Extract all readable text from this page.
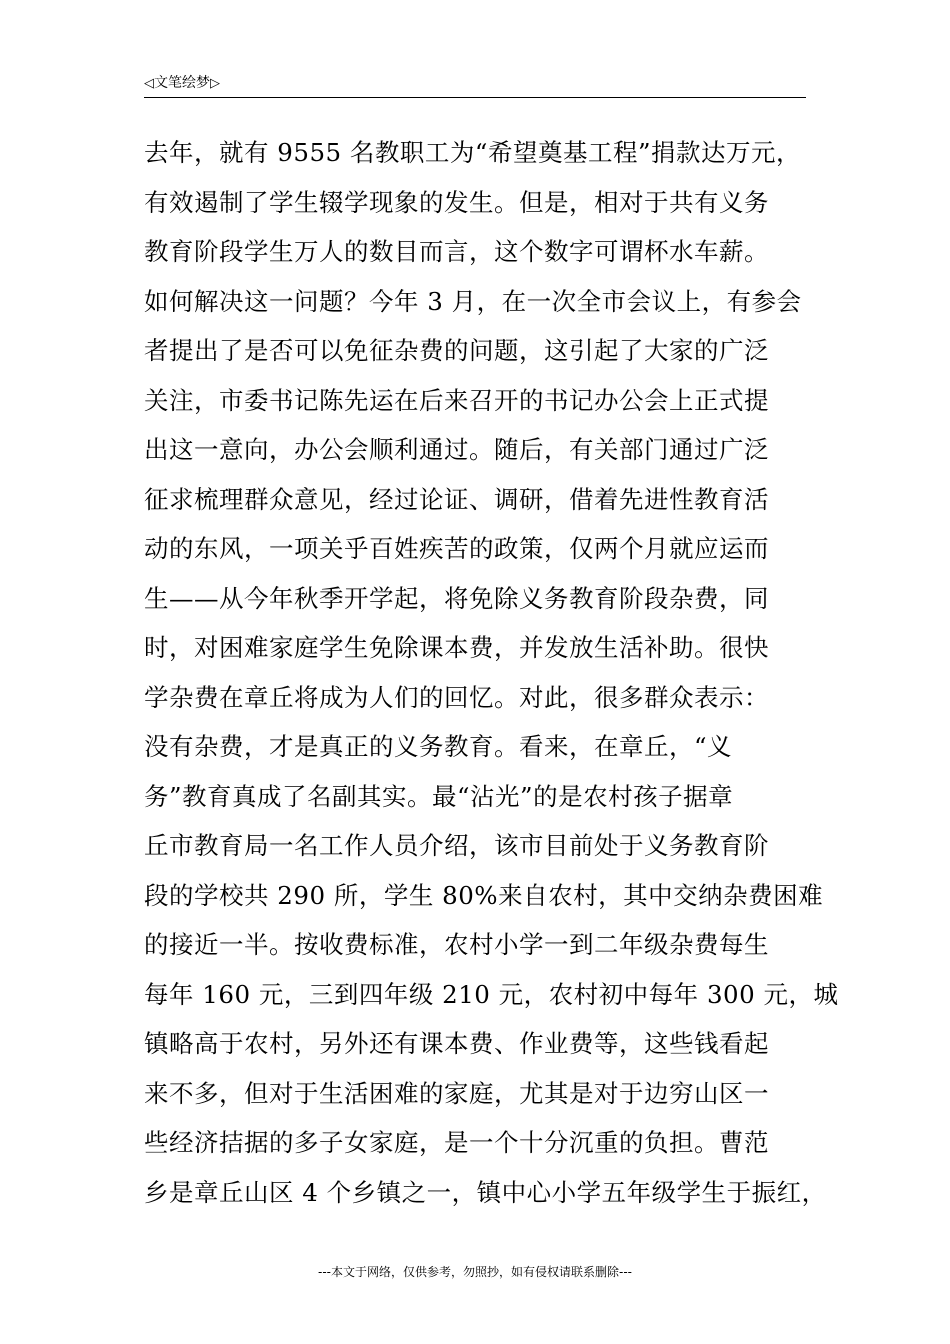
◁文笔绘梦▷
去年，就有 9555 名教职工为“希望奠基工程”捐款达万元，
有效遏制了学生辍学现象的发生。但是，相对于共有义务
教育阶段学生万人的数目而言，这个数字可谓杯水车薪。
如何解决这一问题？今年 3 月，在一次全市会议上，有参会
者提出了是否可以免征杂费的问题，这引起了大家的广泛
关注，市委书记陈先运在后来召开的书记办公会上正式提
出这一意向，办公会顺利通过。随后，有关部门通过广泛
征求梳理群众意见，经过论证、调研，借着先进性教育活
动的东风，一项关乎百姓疾苦的政策，仅两个月就应运而
生——从今年秋季开学起，将免除义务教育阶段杂费，同
时，对困难家庭学生免除课本费，并发放生活补助。很快
学杂费在章丘将成为人们的回忆。对此，很多群众表示：
没有杂费，才是真正的义务教育。看来，在章丘，“义
务”教育真成了名副其实。最“沾光”的是农村孩子据章
丘市教育局一名工作人员介绍，该市目前处于义务教育阶
段的学校共 290 所，学生 80%来自农村，其中交纳杂费困难
的接近一半。按收费标准，农村小学一到二年级杂费每生
每年 160 元，三到四年级 210 元，农村初中每年 300 元，城
镇略高于农村，另外还有课本费、作业费等，这些钱看起
来不多，但对于生活困难的家庭，尤其是对于边穷山区一
些经济拮据的多子女家庭，是一个十分沉重的负担。曹范
乡是章丘山区 4 个乡镇之一，镇中心小学五年级学生于振红，
---本文于网络，仅供参考，勿照抄，如有侵权请联系删除---
